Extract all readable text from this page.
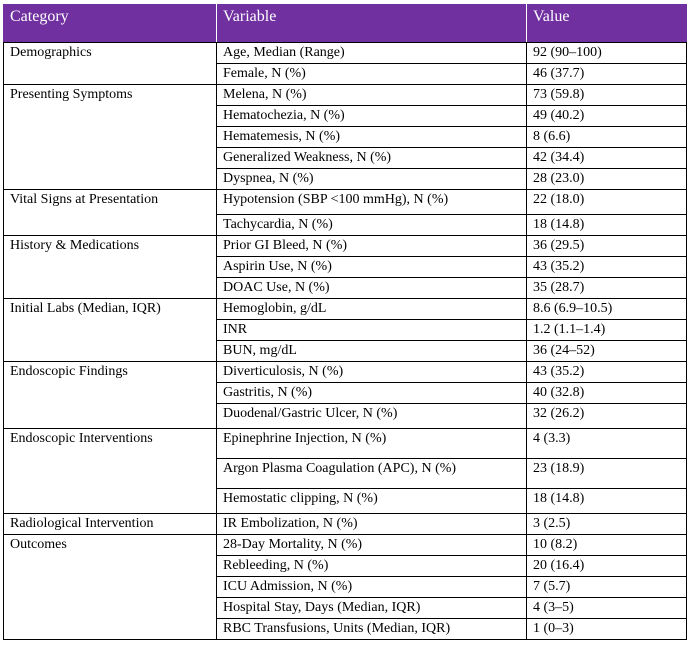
Category	Variable	Value
Demographics	Age, Median (Range)	92 (90–100)
	Female, N (%)	46 (37.7)
Presenting Symptoms	Melena, N (%)	73 (59.8)
	Hematochezia, N (%)	49 (40.2)
	Hematemesis, N (%)	8 (6.6)
	Generalized Weakness, N (%)	42 (34.4)
	Dyspnea, N (%)	28 (23.0)
Vital Signs at Presentation	Hypotension (SBP <100 mmHg), N (%)	22 (18.0)
	Tachycardia, N (%)	18 (14.8)
History & Medications	Prior GI Bleed, N (%)	36 (29.5)
	Aspirin Use, N (%)	43 (35.2)
	DOAC Use, N (%)	35 (28.7)
Initial Labs (Median, IQR)	Hemoglobin, g/dL	8.6 (6.9–10.5)
	INR	1.2 (1.1–1.4)
	BUN, mg/dL	36 (24–52)
Endoscopic Findings	Diverticulosis, N (%)	43 (35.2)
	Gastritis, N (%)	40 (32.8)
	Duodenal/Gastric Ulcer, N (%)	32 (26.2)
Endoscopic Interventions	Epinephrine Injection, N (%)	4 (3.3)
	Argon Plasma Coagulation (APC), N (%)	23 (18.9)
	Hemostatic clipping, N (%)	18 (14.8)
Radiological Intervention	IR Embolization, N (%)	3 (2.5)
Outcomes	28-Day Mortality, N (%)	10 (8.2)
	Rebleeding, N (%)	20 (16.4)
	ICU Admission, N (%)	7 (5.7)
	Hospital Stay, Days (Median, IQR)	4 (3–5)
	RBC Transfusions, Units (Median, IQR)	1 (0–3)
